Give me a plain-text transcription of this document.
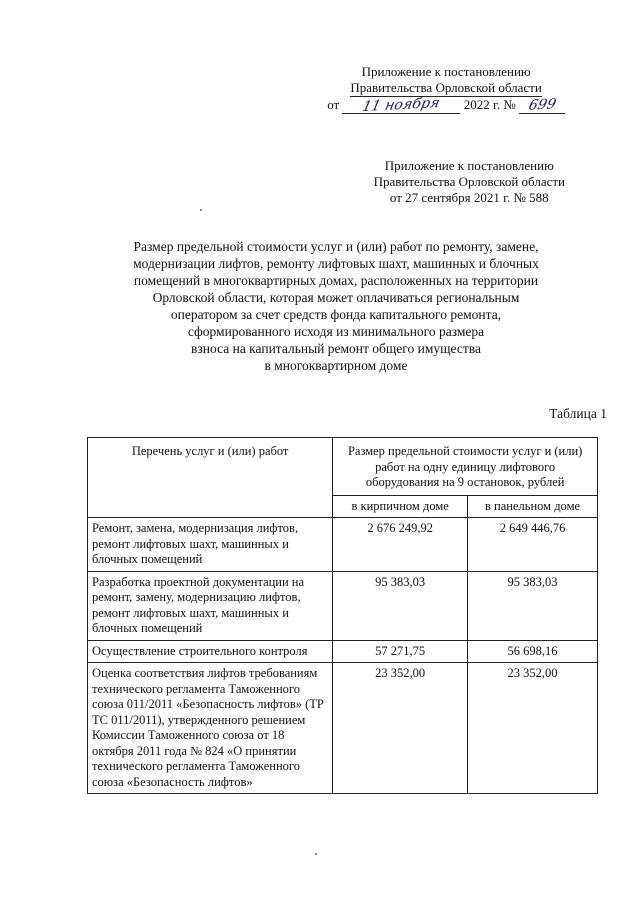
Приложение к постановлению
Правительства Орловской области
от 11 ноября 2022 г. № 699
Приложение к постановлению
Правительства Орловской области
от 27 сентября 2021 г. № 588
Размер предельной стоимости услуг и (или) работ по ремонту, замене,
модернизации лифтов, ремонту лифтовых шахт, машинных и блочных
помещений в многоквартирных домах, расположенных на территории
Орловской области, которая может оплачиваться региональным
оператором за счет средств фонда капитального ремонта,
сформированного исходя из минимального размера
взноса на капитальный ремонт общего имущества
в многоквартирном доме
Таблица 1
Перечень услуг и (или) работ	Размер предельной стоимости услуг и (или) работ на одну единицу лифтового оборудования на 9 остановок, рублей	
	в кирпичном доме	в панельном доме
Ремонт, замена, модернизация лифтов, ремонт лифтовых шахт, машинных и блочных помещений	2 676 249,92	2 649 446,76
Разработка проектной документации на ремонт, замену, модернизацию лифтов, ремонт лифтовых шахт, машинных и блочных помещений	95 383,03	95 383,03
Осуществление строительного контроля	57 271,75	56 698,16
Оценка соответствия лифтов требованиям технического регламента Таможенного союза 011/2011 «Безопасность лифтов» (ТР ТС 011/2011), утвержденного решением Комиссии Таможенного союза от 18 октября 2011 года № 824 «О принятии технического регламента Таможенного союза «Безопасность лифтов»	23 352,00	23 352,00
